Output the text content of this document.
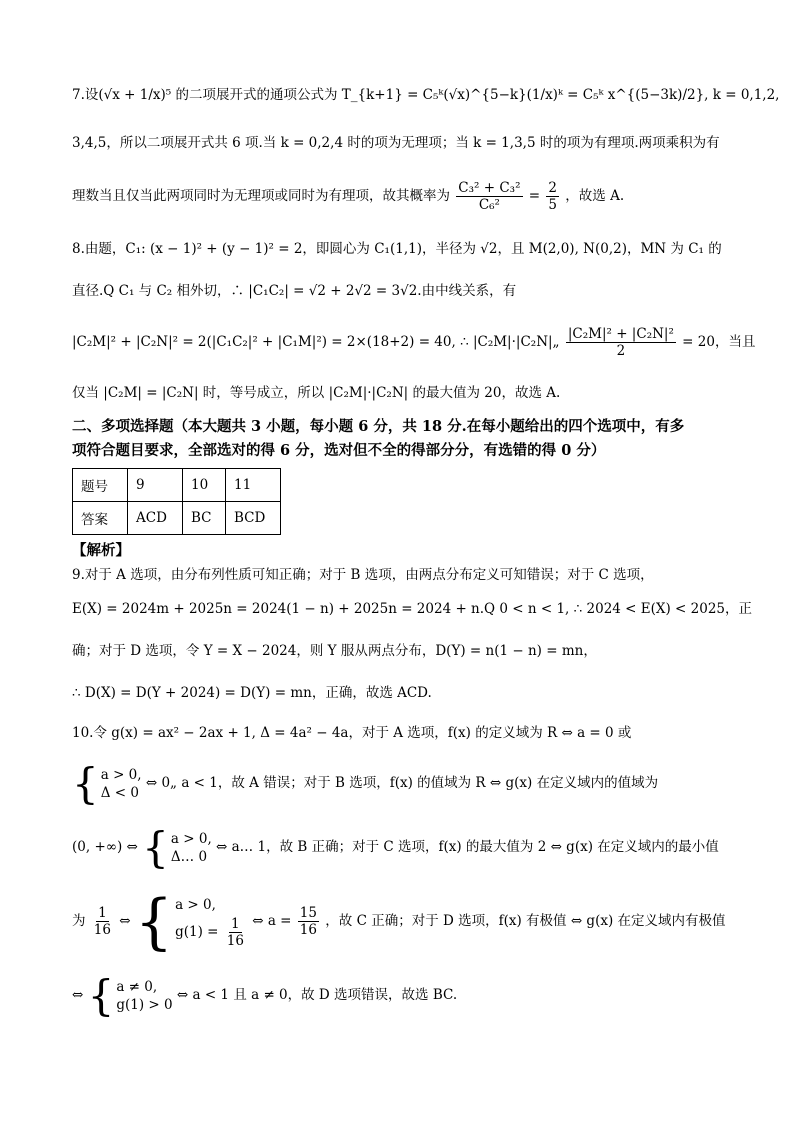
7.设(√x + 1/x)⁵ 的二项展开式的通项公式为 T_{k+1} = C₅ᵏ(√x)^{5−k}(1/x)ᵏ = C₅ᵏ x^{(5−3k)/2}, k = 0,1,2,
3,4,5，所以二项展开式共 6 项.当 k = 0,2,4 时的项为无理项；当 k = 1,3,5 时的项为有理项.两项乘积为有
理数当且仅当此两项同时为无理项或同时为有理项，故其概率为 $\frac{\text{C₃² + C₃²}}{\text{C₆²}} = \frac{2}{5}$ ，故选 A.
8.由题，C₁: (x − 1)² + (y − 1)² = 2，即圆心为 C₁(1,1)，半径为 √2，且 M(2,0), N(0,2)，MN 为 C₁ 的
直径.Q C₁ 与 C₂ 相外切，∴ |C₁C₂| = √2 + 2√2 = 3√2.由中线关系，有
|C₂M|² + |C₂N|² = 2(|C₁C₂|² + |C₁M|²) = 2×(18+2) = 40, ∴ |C₂M|·|C₂N|„ $\frac{\text{|C₂M|² + |C₂N|²}}{2} = 20$，当且
仅当 |C₂M| = |C₂N| 时，等号成立，所以 |C₂M|·|C₂N| 的最大值为 20，故选 A.
二、多项选择题（本大题共 3 小题，每小题 6 分，共 18 分.在每小题给出的四个选项中，有多
项符合题目要求，全部选对的得 6 分，选对但不全的得部分分，有选错的得 0 分）
题号	9	10	11
答案	ACD	BC	BCD
【解析】
9.对于 A 选项，由分布列性质可知正确；对于 B 选项，由两点分布定义可知错误；对于 C 选项，
E(X) = 2024m + 2025n = 2024(1 − n) + 2025n = 2024 + n.Q 0 < n < 1, ∴ 2024 < E(X) < 2025，正
确；对于 D 选项，令 Y = X − 2024，则 Y 服从两点分布，D(Y) = n(1 − n) = mn，
∴ D(X) = D(Y + 2024) = D(Y) = mn，正确，故选 ACD.
10.令 g(x) = ax² − 2ax + 1, Δ = 4a² − 4a，对于 A 选项，f(x) 的定义域为 R ⇔ a = 0 或
{ a > 0,
Δ < 0
⇔ 0„ a < 1，故 A 错误；对于 B 选项，f(x) 的值域为 R ⇔ g(x) 在定义域内的值域为
(0, +∞) ⇔ { a > 0,
Δ… 0
⇔ a… 1，故 B 正确；对于 C 选项，f(x) 的最大值为 2 ⇔ g(x) 在定义域内的最小值
为 $\frac{1}{16}$ ⇔ { a > 0,
$g(1) = \frac{1}{16}$ ⇔ $a = \frac{15}{16}$ ，故 C 正确；对于 D 选项，f(x) 有极值 ⇔ g(x) 在定义域内有极值
⇔ { a ≠ 0,
g(1) > 0
⇔ a < 1 且 a ≠ 0，故 D 选项错误，故选 BC.
